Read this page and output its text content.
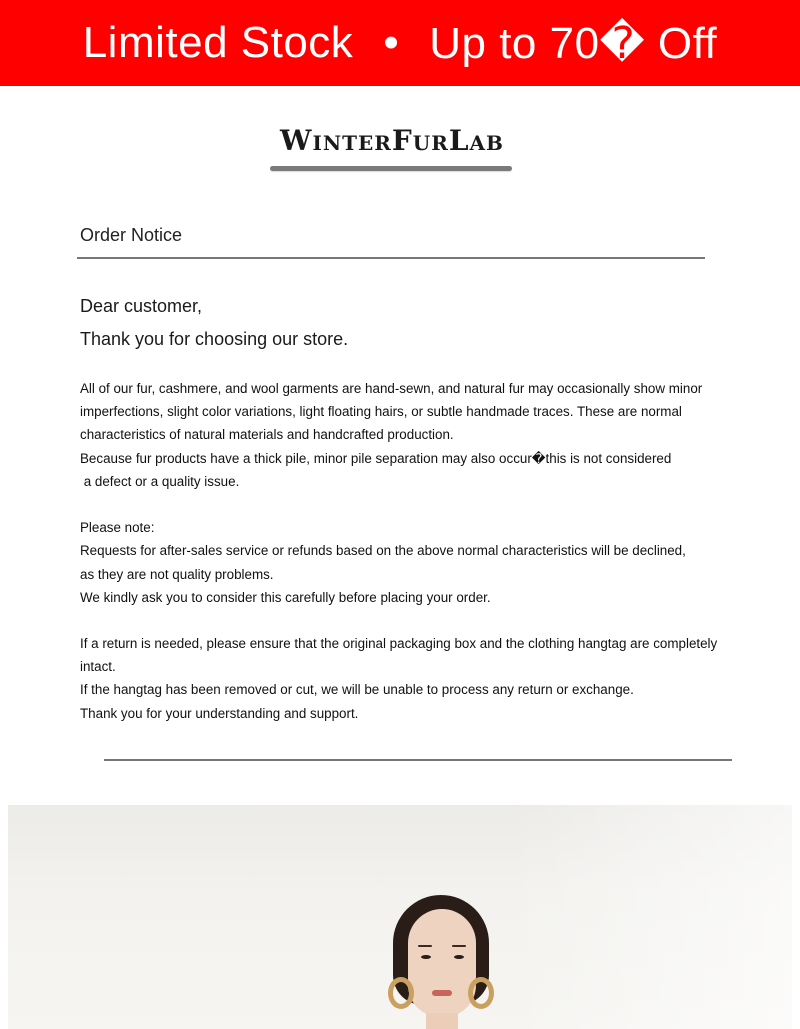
Limited Stock • Up to 70� Off
WinterFurLab
Order Notice
Dear customer,
Thank you for choosing our store.
All of our fur, cashmere, and wool garments are hand-sewn, and natural fur may occasionally show minor
imperfections, slight color variations, light floating hairs, or subtle handmade traces. These are normal
characteristics of natural materials and handcrafted production.
Because fur products have a thick pile, minor pile separation may also occur�this is not considered
a defect or a quality issue.
Please note:
Requests for after-sales service or refunds based on the above normal characteristics will be declined,
as they are not quality problems.
We kindly ask you to consider this carefully before placing your order.
If a return is needed, please ensure that the original packaging box and the clothing hangtag are completely
intact.
If the hangtag has been removed or cut, we will be unable to process any return or exchange.
Thank you for your understanding and support.
